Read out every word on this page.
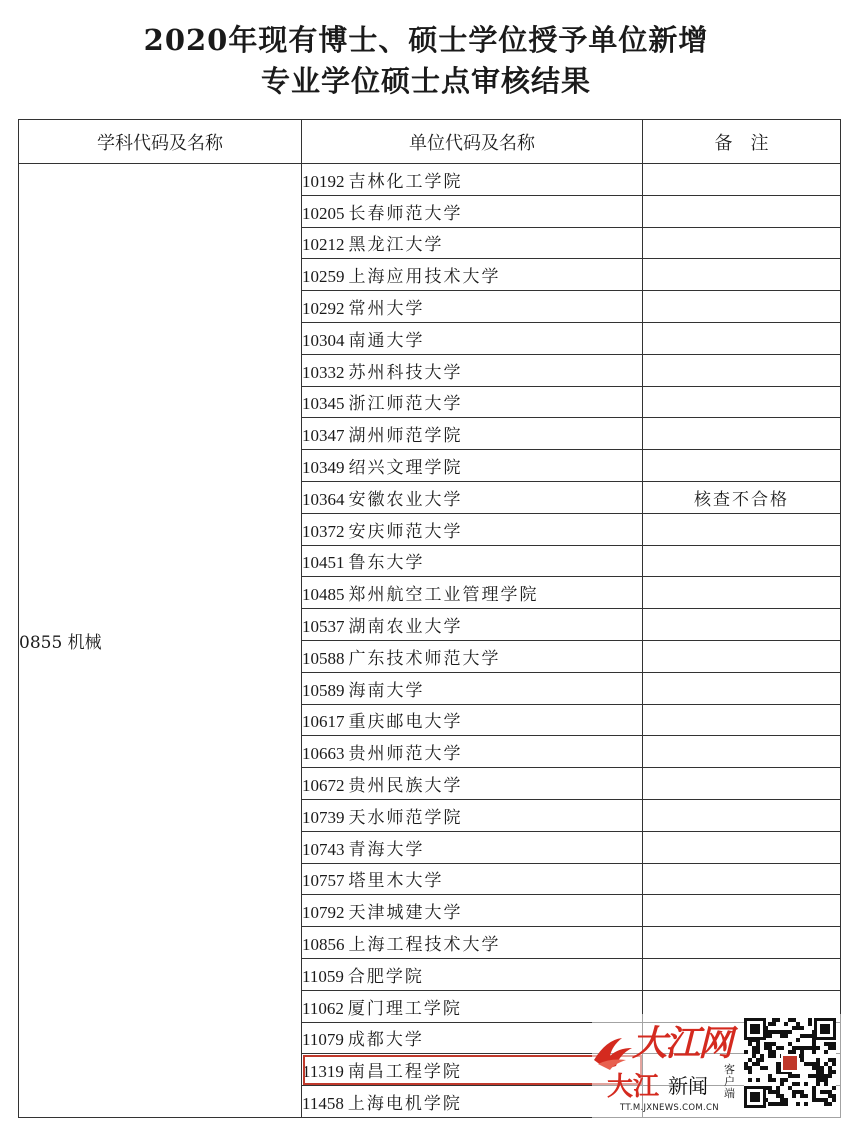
2020年现有博士、硕士学位授予单位新增
专业学位硕士点审核结果
学科代码及名称	单位代码及名称	备　注
0855 机械	10192 吉林化工学院	
	10205 长春师范大学	
	10212 黑龙江大学	
	10259 上海应用技术大学	
	10292 常州大学	
	10304 南通大学	
	10332 苏州科技大学	
	10345 浙江师范大学	
	10347 湖州师范学院	
	10349 绍兴文理学院	
	10364 安徽农业大学	核查不合格
	10372 安庆师范大学	
	10451 鲁东大学	
	10485 郑州航空工业管理学院	
	10537 湖南农业大学	
	10588 广东技术师范大学	
	10589 海南大学	
	10617 重庆邮电大学	
	10663 贵州师范大学	
	10672 贵州民族大学	
	10739 天水师范学院	
	10743 青海大学	
	10757 塔里木大学	
	10792 天津城建大学	
	10856 上海工程技术大学	
	11059 合肥学院	
	11062 厦门理工学院	
	11079 成都大学	
	11319 南昌工程学院	
	11458 上海电机学院	
大江网
大江 新闻
客户端
TT.M.JXNEWS.COM.CN
